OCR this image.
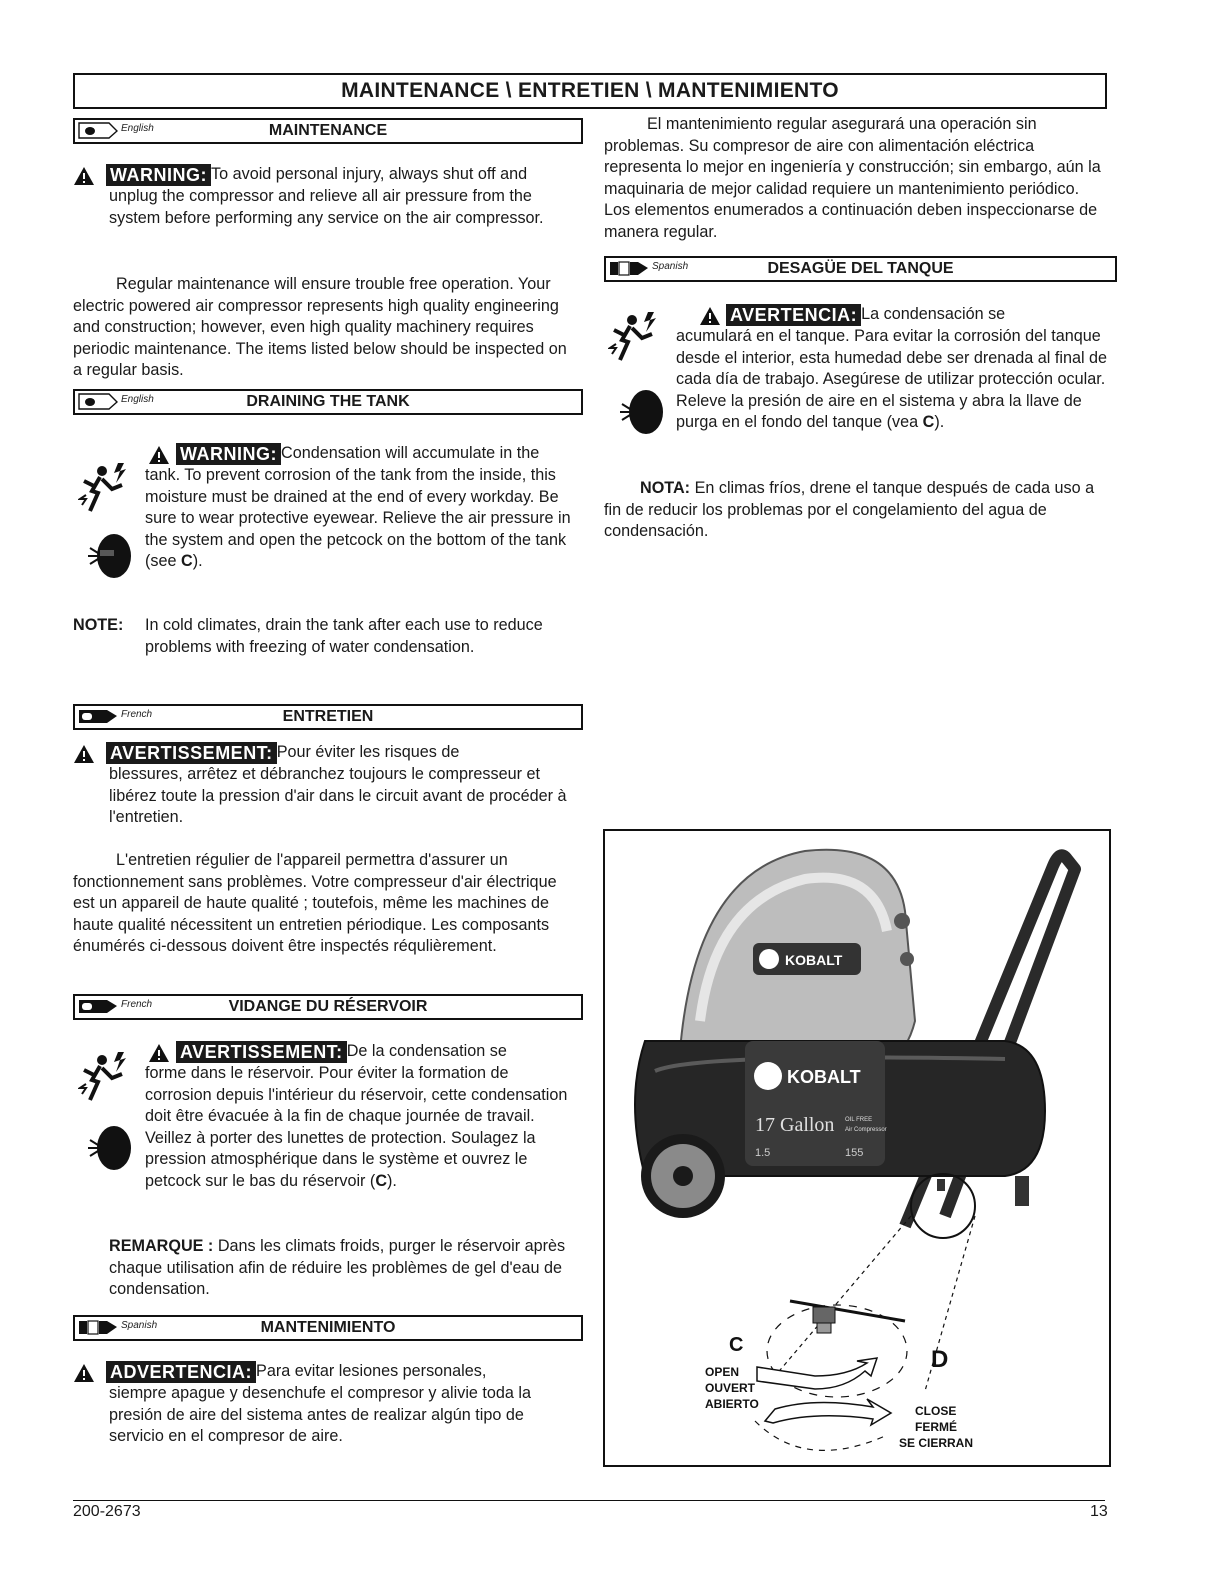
MAINTENANCE \ ENTRETIEN \ MANTENIMIENTO
English	MAINTENANCE
WARNING: To avoid personal injury, always shut off and
unplug the compressor and relieve all air pressure from the system before performing any service on the air compressor.
Regular maintenance will ensure trouble free operation. Your electric powered air compressor represents high quality engineering and construction; however, even high quality machinery requires periodic maintenance. The items listed below should be inspected on a regular basis.
English	DRAINING THE TANK
WARNING: Condensation will accumulate in the
tank. To prevent corrosion of the tank from the inside, this moisture must be drained at the end of every workday. Be sure to wear protective eyewear. Relieve the air pressure in the system and open the petcock on the bottom of the tank (see C).
NOTE: In cold climates, drain the tank after each use to reduce problems with freezing of water condensation.
French	ENTRETIEN
AVERTISSEMENT: Pour éviter les risques de
blessures, arrêtez et débranchez toujours le compresseur et libérez toute la pression d'air dans le circuit avant de procéder à l'entretien.
L'entretien régulier de l'appareil permettra d'assurer un fonctionnement sans problèmes. Votre compresseur d'air électrique est un appareil de haute qualité ; toutefois, même les machines de haute qualité nécessitent un entretien périodique. Les composants énumérés ci-dessous doivent être inspectés réqulièrement.
French	VIDANGE DU RÉSERVOIR
AVERTISSEMENT: De la condensation se
forme dans le réservoir. Pour éviter la formation de corrosion depuis l'intérieur du réservoir, cette condensation doit être évacuée à la fin de chaque journée de travail. Veillez à porter des lunettes de protection. Soulagez la pression atmosphérique dans le système et ouvrez le petcock sur le bas du réservoir (C).
REMARQUE : Dans les climats froids, purger le réservoir après chaque utilisation afin de réduire les problèmes de gel d'eau de condensation.
Spanish	MANTENIMIENTO
ADVERTENCIA: Para evitar lesiones personales,
siempre apague y desenchufe el compresor y alivie toda la presión de aire del sistema antes de realizar algún tipo de servicio en el compresor de aire.
El mantenimiento regular asegurará una operación sin problemas. Su compresor de aire con alimentación eléctrica representa lo mejor en ingeniería y construcción; sin embargo, aún la maquinaria de mejor calidad requiere un mantenimiento periódico. Los elementos enumerados a continuación deben inspeccionarse de manera regular.
Spanish	DESAGÜE DEL TANQUE
AVERTENCIA: La condensación se
acumulará en el tanque. Para evitar la corrosión del tanque desde el interior, esta humedad debe ser drenada al final de cada día de trabajo. Asegúrese de utilizar protección ocular. Releve la presión de aire en el sistema y abra la llave de purga en el fondo del tanque (vea C).
NOTA: En climas fríos, drene el tanque después de cada uso a fin de reducir los problemas por el congelamiento del agua de condensación.
KOBALT
KOBALT
17 Gallon OIL FREE
Air Compressor
1.5	155
C
D
OPEN
OUVERT
ABIERTO	CLOSE
FERMÉ
SE CIERRAN
200-2673	13
